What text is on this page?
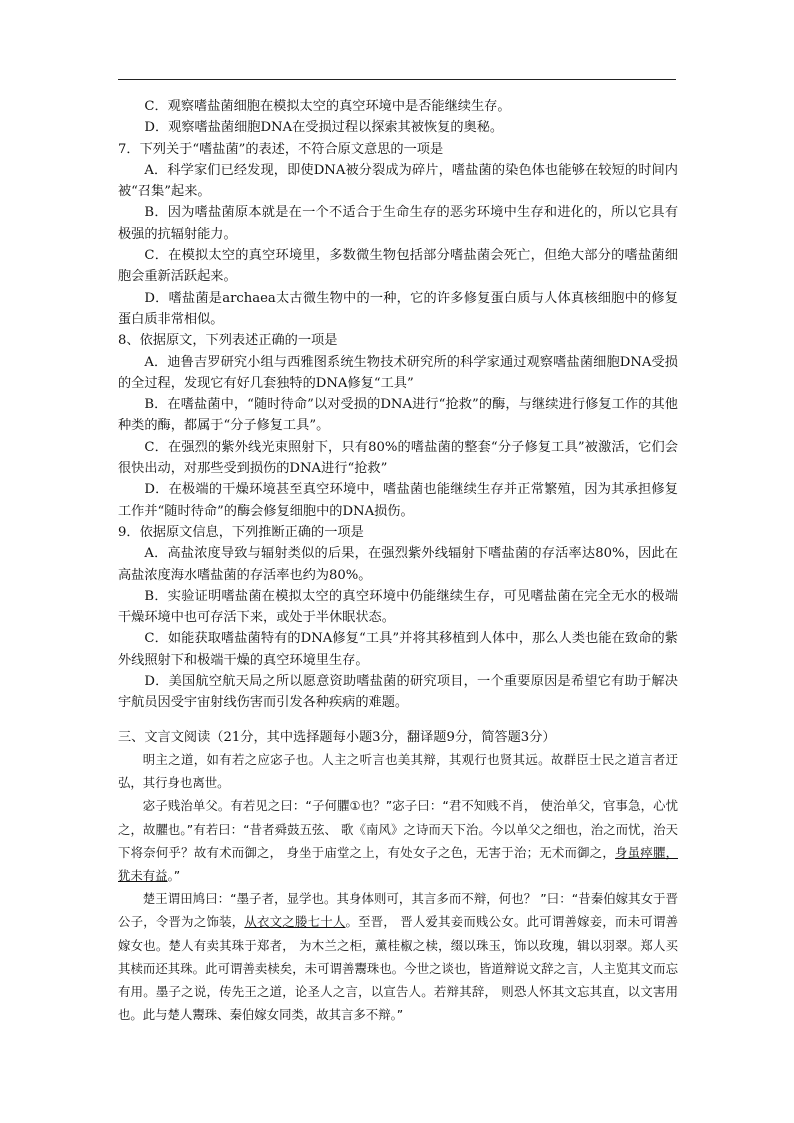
C．观察嗜盐菌细胞在模拟太空的真空环境中是否能继续生存。

D．观察嗜盐菌细胞DNA在受损过程以探索其被恢复的奥秘。

7．下列关于“嗜盐菌”的表述，不符合原文意思的一项是

A．科学家们已经发现，即使DNA被分裂成为碎片，嗜盐菌的染色体也能够在较短的时间内被“召集”起来。

B．因为嗜盐菌原本就是在一个不适合于生命生存的恶劣环境中生存和进化的，所以它具有极强的抗辐射能力。

C．在模拟太空的真空环境里，多数微生物包括部分嗜盐菌会死亡，但绝大部分的嗜盐菌细胞会重新活跃起来。

D．嗜盐菌是archaea太古微生物中的一种，它的许多修复蛋白质与人体真核细胞中的修复蛋白质非常相似。

8、依据原文，下列表述正确的一项是

A．迪鲁吉罗研究小组与西雅图系统生物技术研究所的科学家通过观察嗜盐菌细胞DNA受损的全过程，发现它有好几套独特的DNA修复“工具”

B．在嗜盐菌中，“随时待命”以对受损的DNA进行“抢救”的酶，与继续进行修复工作的其他种类的酶，都属于“分子修复工具”。

C．在强烈的紫外线光束照射下，只有80%的嗜盐菌的整套“分子修复工具”被激活，它们会很快出动，对那些受到损伤的DNA进行“抢救”

D．在极端的干燥环境甚至真空环境中，嗜盐菌也能继续生存并正常繁殖，因为其承担修复工作并“随时待命”的酶会修复细胞中的DNA损伤。

9．依据原文信息，下列推断正确的一项是

A．高盐浓度导致与辐射类似的后果，在强烈紫外线辐射下嗜盐菌的存活率达80%，因此在高盐浓度海水嗜盐菌的存活率也约为80%。

B．实验证明嗜盐菌在模拟太空的真空环境中仍能继续生存，可见嗜盐菌在完全无水的极端干燥环境中也可存活下来，或处于半休眠状态。

C．如能获取嗜盐菌特有的DNA修复“工具”并将其移植到人体中，那么人类也能在致命的紫外线照射下和极端干燥的真空环境里生存。

D．美国航空航天局之所以愿意资助嗜盐菌的研究项目，一个重要原因是希望它有助于解决宇航员因受宇宙射线伤害而引发各种疾病的难题。

三、文言文阅读（21分，其中选择题每小题3分，翻译题9分，简答题3分）

明主之道，如有若之应宓子也。人主之听言也美其辩，其观行也贤其远。故群臣士民之道言者迂弘，其行身也离世。

宓子贱治单父。有若见之曰：“子何臞①也？”宓子曰：“君不知贱不肖， 使治单父，官事急，心忧之，故臞也。”有若曰：“昔者舜鼓五弦、 歌《南风》之诗而天下治。今以单父之细也，治之而忧，治天下将奈何乎？故有术而御之， 身坐于庙堂之上，有处女子之色，无害于治；无术而御之，身虽瘁臞，犹未有益。”

楚王谓田鸠曰：“墨子者，显学也。其身体则可，其言多而不辩，何也？ ”曰：“昔秦伯嫁其女于晋公子，令晋为之饰装，从衣文之媵七十人。至晋， 晋人爱其妾而贱公女。此可谓善嫁妾，而未可谓善嫁女也。楚人有卖其珠于郑者， 为木兰之柜，薰桂椒之椟，缀以珠玉，饰以玫瑰，辑以羽翠。郑人买其椟而还其珠。此可谓善卖椟矣，未可谓善鬻珠也。今世之谈也，皆道辩说文辞之言，人主览其文而忘有用。墨子之说，传先王之道，论圣人之言，以宣告人。若辩其辞， 则恐人怀其文忘其直，以文害用也。此与楚人鬻珠、秦伯嫁女同类，故其言多不辩。”
